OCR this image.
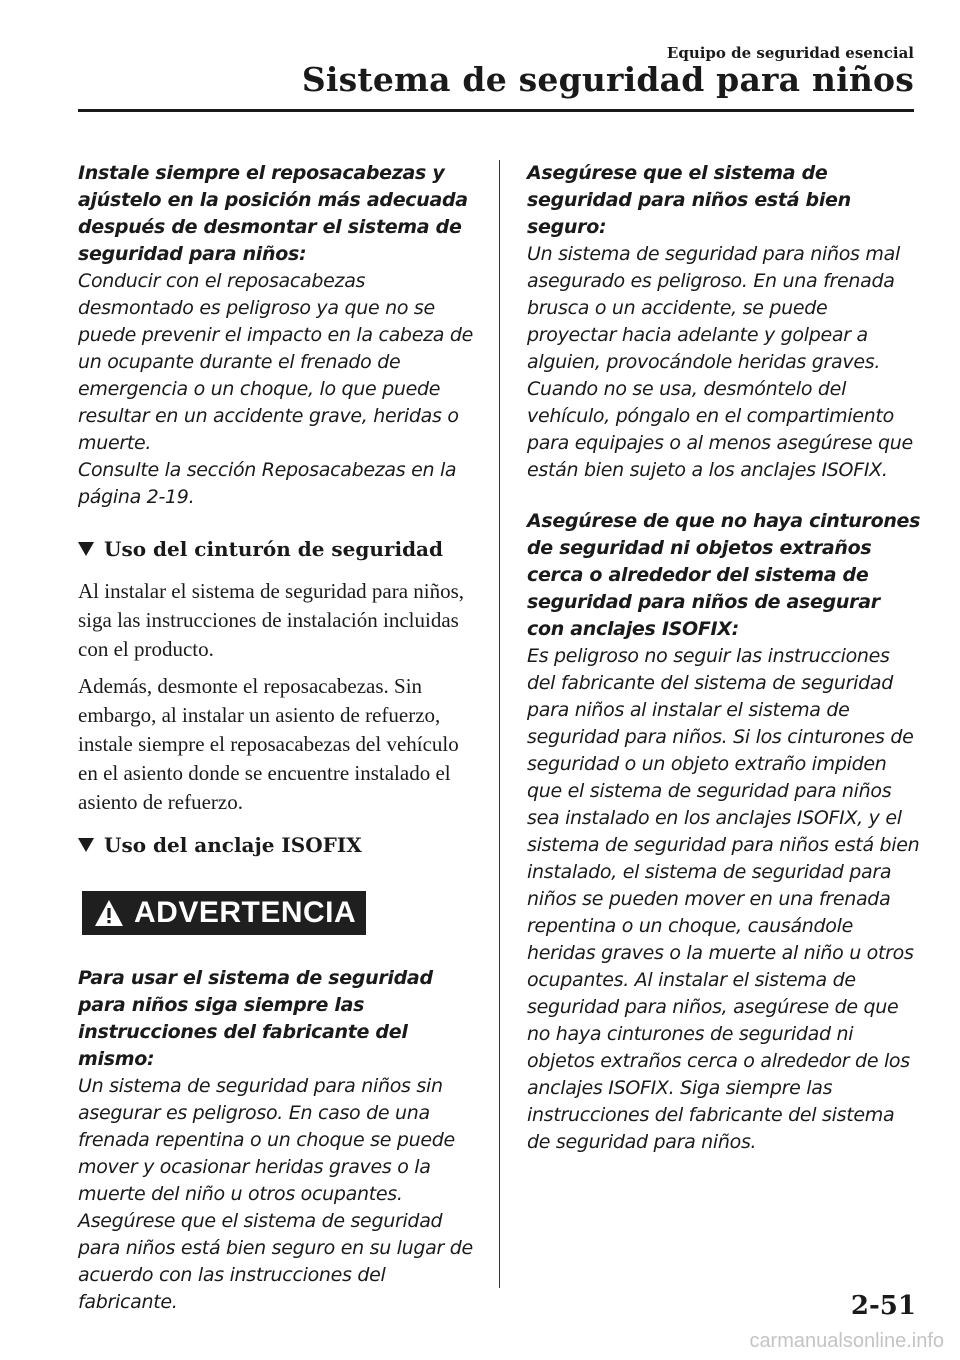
Equipo de seguridad esencial
Sistema de seguridad para niños
Instale siempre el reposacabezas y ajústelo en la posición más adecuada después de desmontar el sistema de seguridad para niños:
Conducir con el reposacabezas desmontado es peligroso ya que no se puede prevenir el impacto en la cabeza de un ocupante durante el frenado de emergencia o un choque, lo que puede resultar en un accidente grave, heridas o muerte.
Consulte la sección Reposacabezas en la página 2-19.
Uso del cinturón de seguridad

Al instalar el sistema de seguridad para niños, siga las instrucciones de instalación incluidas con el producto.

Además, desmonte el reposacabezas. Sin embargo, al instalar un asiento de refuerzo, instale siempre el reposacabezas del vehículo en el asiento donde se encuentre instalado el asiento de refuerzo.

Uso del anclaje ISOFIX
ADVERTENCIA
Para usar el sistema de seguridad para niños siga siempre las instrucciones del fabricante del mismo:
Un sistema de seguridad para niños sin asegurar es peligroso. En caso de una frenada repentina o un choque se puede mover y ocasionar heridas graves o la muerte del niño u otros ocupantes. Asegúrese que el sistema de seguridad para niños está bien seguro en su lugar de acuerdo con las instrucciones del fabricante.
Asegúrese que el sistema de seguridad para niños está bien seguro:
Un sistema de seguridad para niños mal asegurado es peligroso. En una frenada brusca o un accidente, se puede proyectar hacia adelante y golpear a alguien, provocándole heridas graves. Cuando no se usa, desmóntelo del vehículo, póngalo en el compartimiento para equipajes o al menos asegúrese que están bien sujeto a los anclajes ISOFIX.
Asegúrese de que no haya cinturones de seguridad ni objetos extraños cerca o alrededor del sistema de seguridad para niños de asegurar con anclajes ISOFIX:
Es peligroso no seguir las instrucciones del fabricante del sistema de seguridad para niños al instalar el sistema de seguridad para niños. Si los cinturones de seguridad o un objeto extraño impiden que el sistema de seguridad para niños sea instalado en los anclajes ISOFIX, y el sistema de seguridad para niños está bien instalado, el sistema de seguridad para niños se pueden mover en una frenada repentina o un choque, causándole heridas graves o la muerte al niño u otros ocupantes. Al instalar el sistema de seguridad para niños, asegúrese de que no haya cinturones de seguridad ni objetos extraños cerca o alrededor de los anclajes ISOFIX. Siga siempre las instrucciones del fabricante del sistema de seguridad para niños.
2-51
carmanualsonline.info
